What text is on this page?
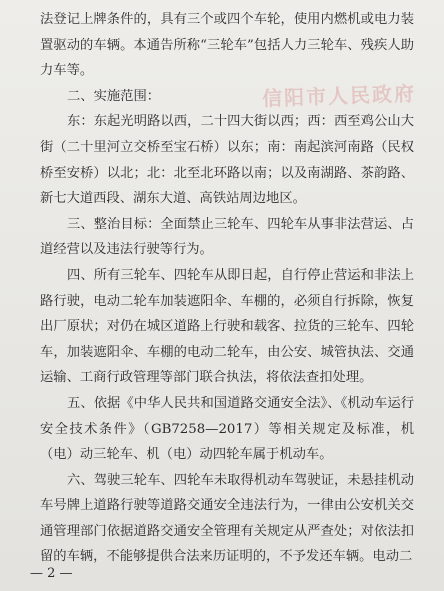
信阳市人民政府

法登记上牌条件的，具有三个或四个车轮，使用内燃机或电力装置驱动的车辆。本通告所称“三轮车”包括人力三轮车、残疾人助力车等。

二、实施范围：

东：东起光明路以西，二十四大街以西；西：西至鸡公山大街（二十里河立交桥至宝石桥）以东；南：南起滨河南路（民权桥至安桥）以北；北：北至北环路以南；以及南湖路、茶韵路、新七大道西段、湖东大道、高铁站周边地区。

三、整治目标：全面禁止三轮车、四轮车从事非法营运、占道经营以及违法行驶等行为。

四、所有三轮车、四轮车从即日起，自行停止营运和非法上路行驶，电动二轮车加装遮阳伞、车棚的，必须自行拆除，恢复出厂原状；对仍在城区道路上行驶和载客、拉货的三轮车、四轮车，加装遮阳伞、车棚的电动二轮车，由公安、城管执法、交通运输、工商行政管理等部门联合执法，将依法查扣处理。

五、依据《中华人民共和国道路交通安全法》、《机动车运行安全技术条件》（GB7258—2017）等相关规定及标准，机（电）动三轮车、机（电）动四轮车属于机动车。

六、驾驶三轮车、四轮车未取得机动车驾驶证，未悬挂机动车号牌上道路行驶等道路交通安全违法行为，一律由公安机关交通管理部门依据道路交通安全管理有关规定从严查处；对依法扣留的车辆，不能够提供合法来历证明的，不予发还车辆。电动二

— 2 —
